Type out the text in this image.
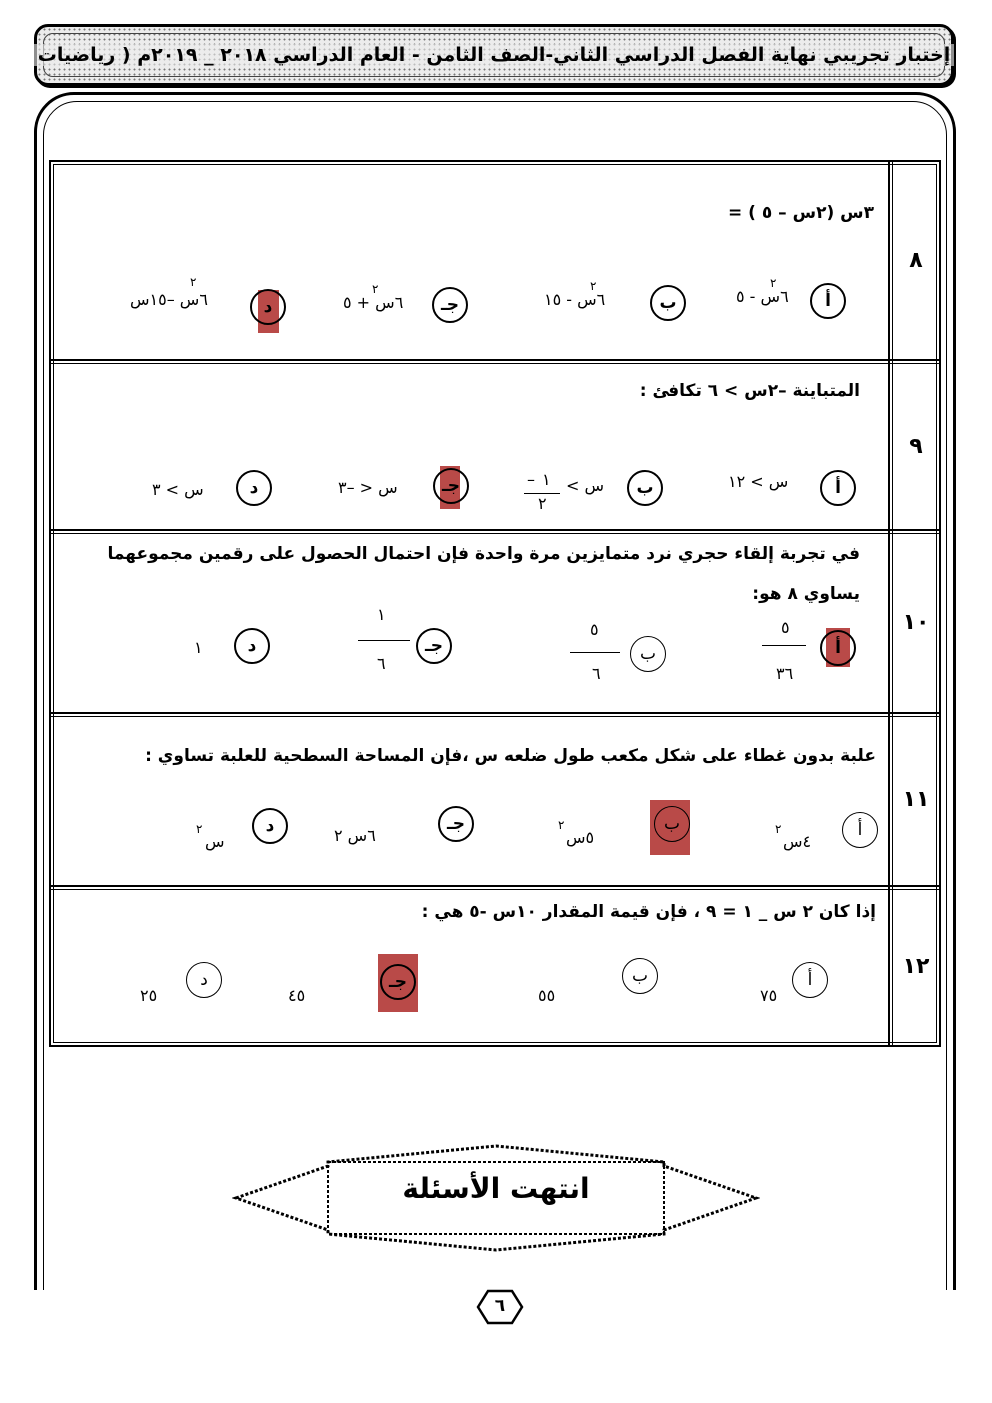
إختبار تجريبي نهاية الفصل الدراسي الثاني-الصف الثامن - العام الدراسي ٢٠١٨ _ ٢٠١٩م ( رياضيات
٨
٩
١٠
١١
١٢
٣س (٢س – ٥ ) =
أ
٦س - ٥
٢
ب
٦س - ١٥
٢
جـ
٦س + ٥
٢
د
٦س –١٥س
٢
المتباينة –٢س > ٦ تكافئ :
أ
س > ١٢
ب
س >
– ١
٢
جـ
س < –٣
د
س > ٣
في تجربة إلقاء حجري نرد متمايزين مرة واحدة فإن احتمال الحصول على رقمين مجموعهما
يساوي ٨ هو:
أ
٥
٣٦
ب
٥
٦
جـ
١
٦
د
١
علبة بدون غطاء على شكل مكعب طول ضلعه س ،فإن المساحة السطحية للعلبة تساوي :
أ
٤س
٢
ب
٥س
٢
جـ
٦س ٢
د
س
٢
إذا كان ٢ س _ ١ = ٩ ، فإن قيمة المقدار ١٠س -٥ هي :
أ
٧٥
ب
٥٥
جـ
٤٥
د
٢٥
انتهت الأسئلة
٦
